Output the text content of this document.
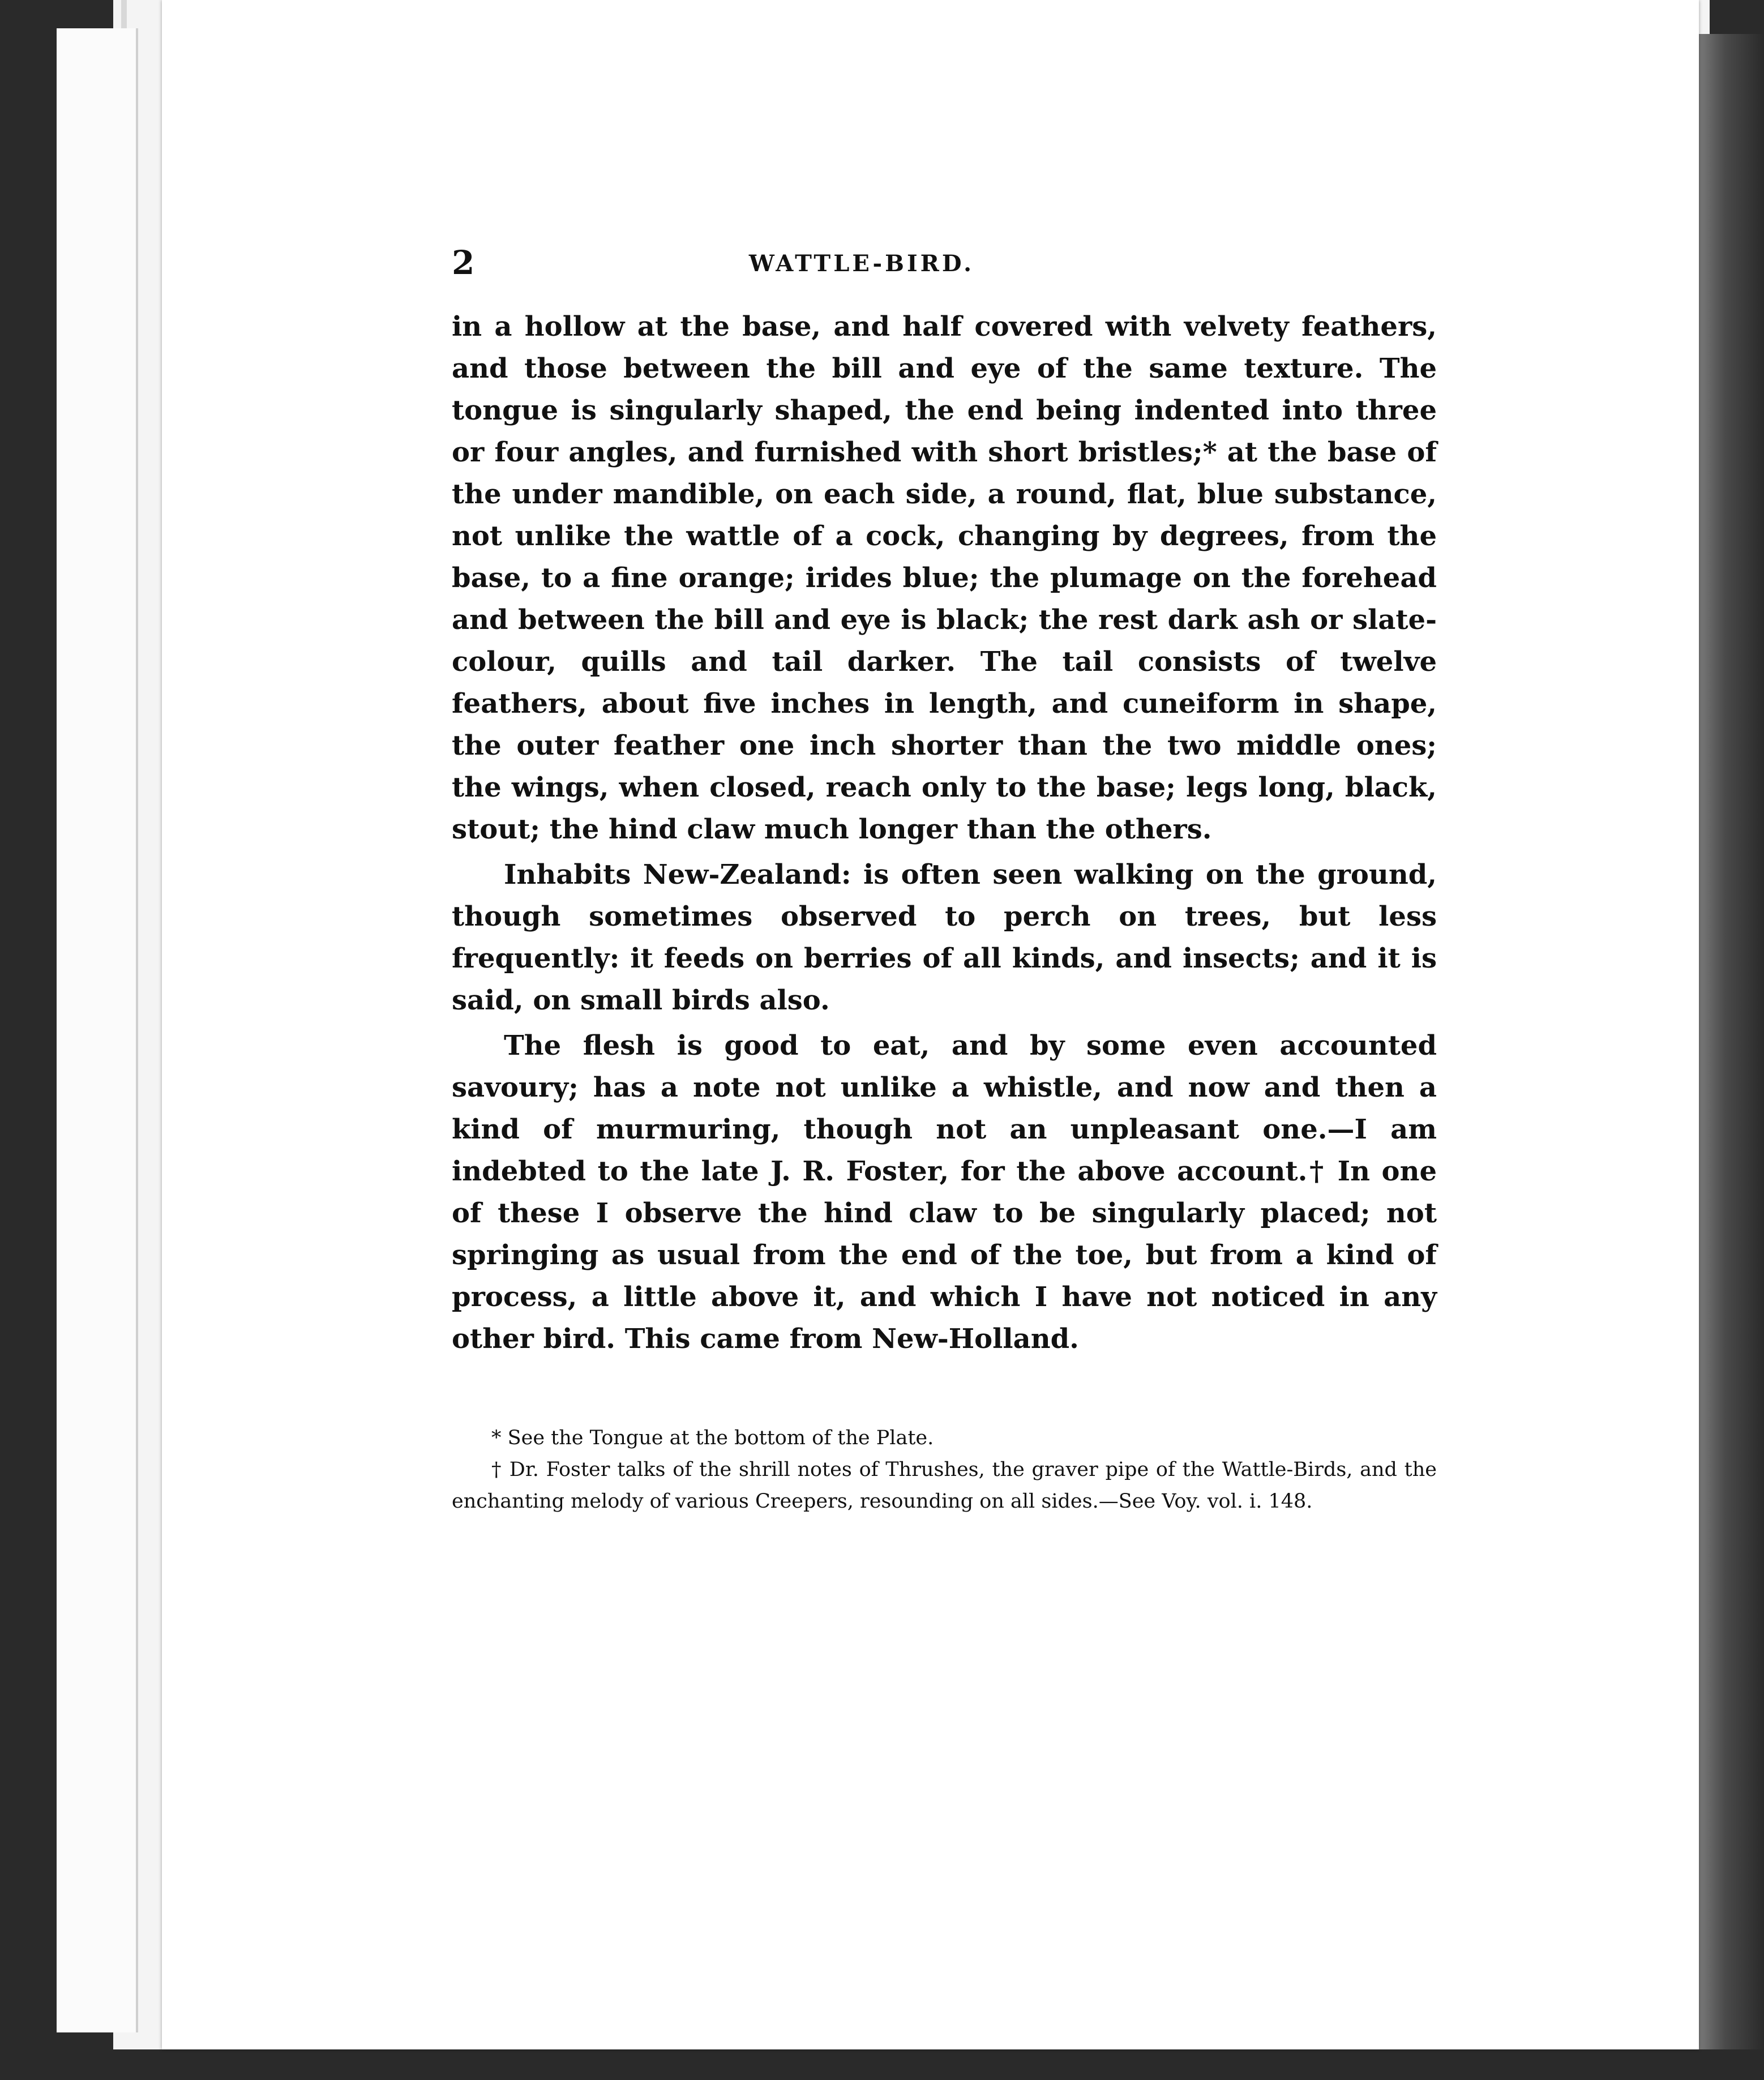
2	WATTLE-BIRD.

in a hollow at the base, and half covered with velvety feathers, and those between the bill and eye of the same texture. The tongue is singularly shaped, the end being indented into three or four angles, and furnished with short bristles;* at the base of the under mandible, on each side, a round, flat, blue substance, not unlike the wattle of a cock, changing by degrees, from the base, to a fine orange; irides blue; the plumage on the forehead and between the bill and eye is black; the rest dark ash or slate-colour, quills and tail darker. The tail consists of twelve feathers, about five inches in length, and cuneiform in shape, the outer feather one inch shorter than the two middle ones; the wings, when closed, reach only to the base; legs long, black, stout; the hind claw much longer than the others.

Inhabits New-Zealand: is often seen walking on the ground, though sometimes observed to perch on trees, but less frequently: it feeds on berries of all kinds, and insects; and it is said, on small birds also.

The flesh is good to eat, and by some even accounted savoury; has a note not unlike a whistle, and now and then a kind of murmuring, though not an unpleasant one.—I am indebted to the late J. R. Foster, for the above account.† In one of these I observe the hind claw to be singularly placed; not springing as usual from the end of the toe, but from a kind of process, a little above it, and which I have not noticed in any other bird. This came from New-Holland.

* See the Tongue at the bottom of the Plate.

† Dr. Foster talks of the shrill notes of Thrushes, the graver pipe of the Wattle-Birds, and the enchanting melody of various Creepers, resounding on all sides.—See Voy. vol. i. 148.
